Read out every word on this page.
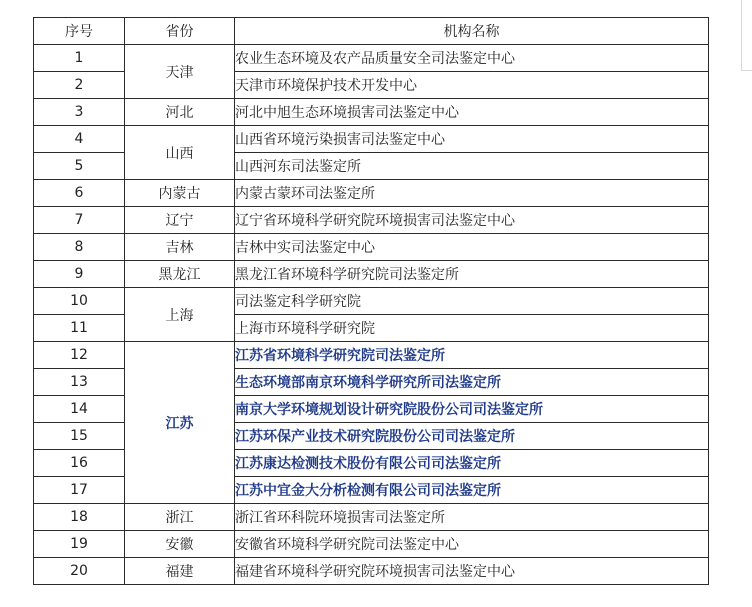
序号	省份	机构名称
1	天津	农业生态环境及农产品质量安全司法鉴定中心
2		天津市环境保护技术开发中心
3	河北	河北中旭生态环境损害司法鉴定中心
4	山西	山西省环境污染损害司法鉴定中心
5		山西河东司法鉴定所
6	内蒙古	内蒙古蒙环司法鉴定所
7	辽宁	辽宁省环境科学研究院环境损害司法鉴定中心
8	吉林	吉林中实司法鉴定中心
9	黑龙江	黑龙江省环境科学研究院司法鉴定所
10	上海	司法鉴定科学研究院
11		上海市环境科学研究院
12	江苏	江苏省环境科学研究院司法鉴定所
13		生态环境部南京环境科学研究所司法鉴定所
14		南京大学环境规划设计研究院股份公司司法鉴定所
15		江苏环保产业技术研究院股份公司司法鉴定所
16		江苏康达检测技术股份有限公司司法鉴定所
17		江苏中宜金大分析检测有限公司司法鉴定所
18	浙江	浙江省环科院环境损害司法鉴定所
19	安徽	安徽省环境科学研究院司法鉴定中心
20	福建	福建省环境科学研究院环境损害司法鉴定中心
